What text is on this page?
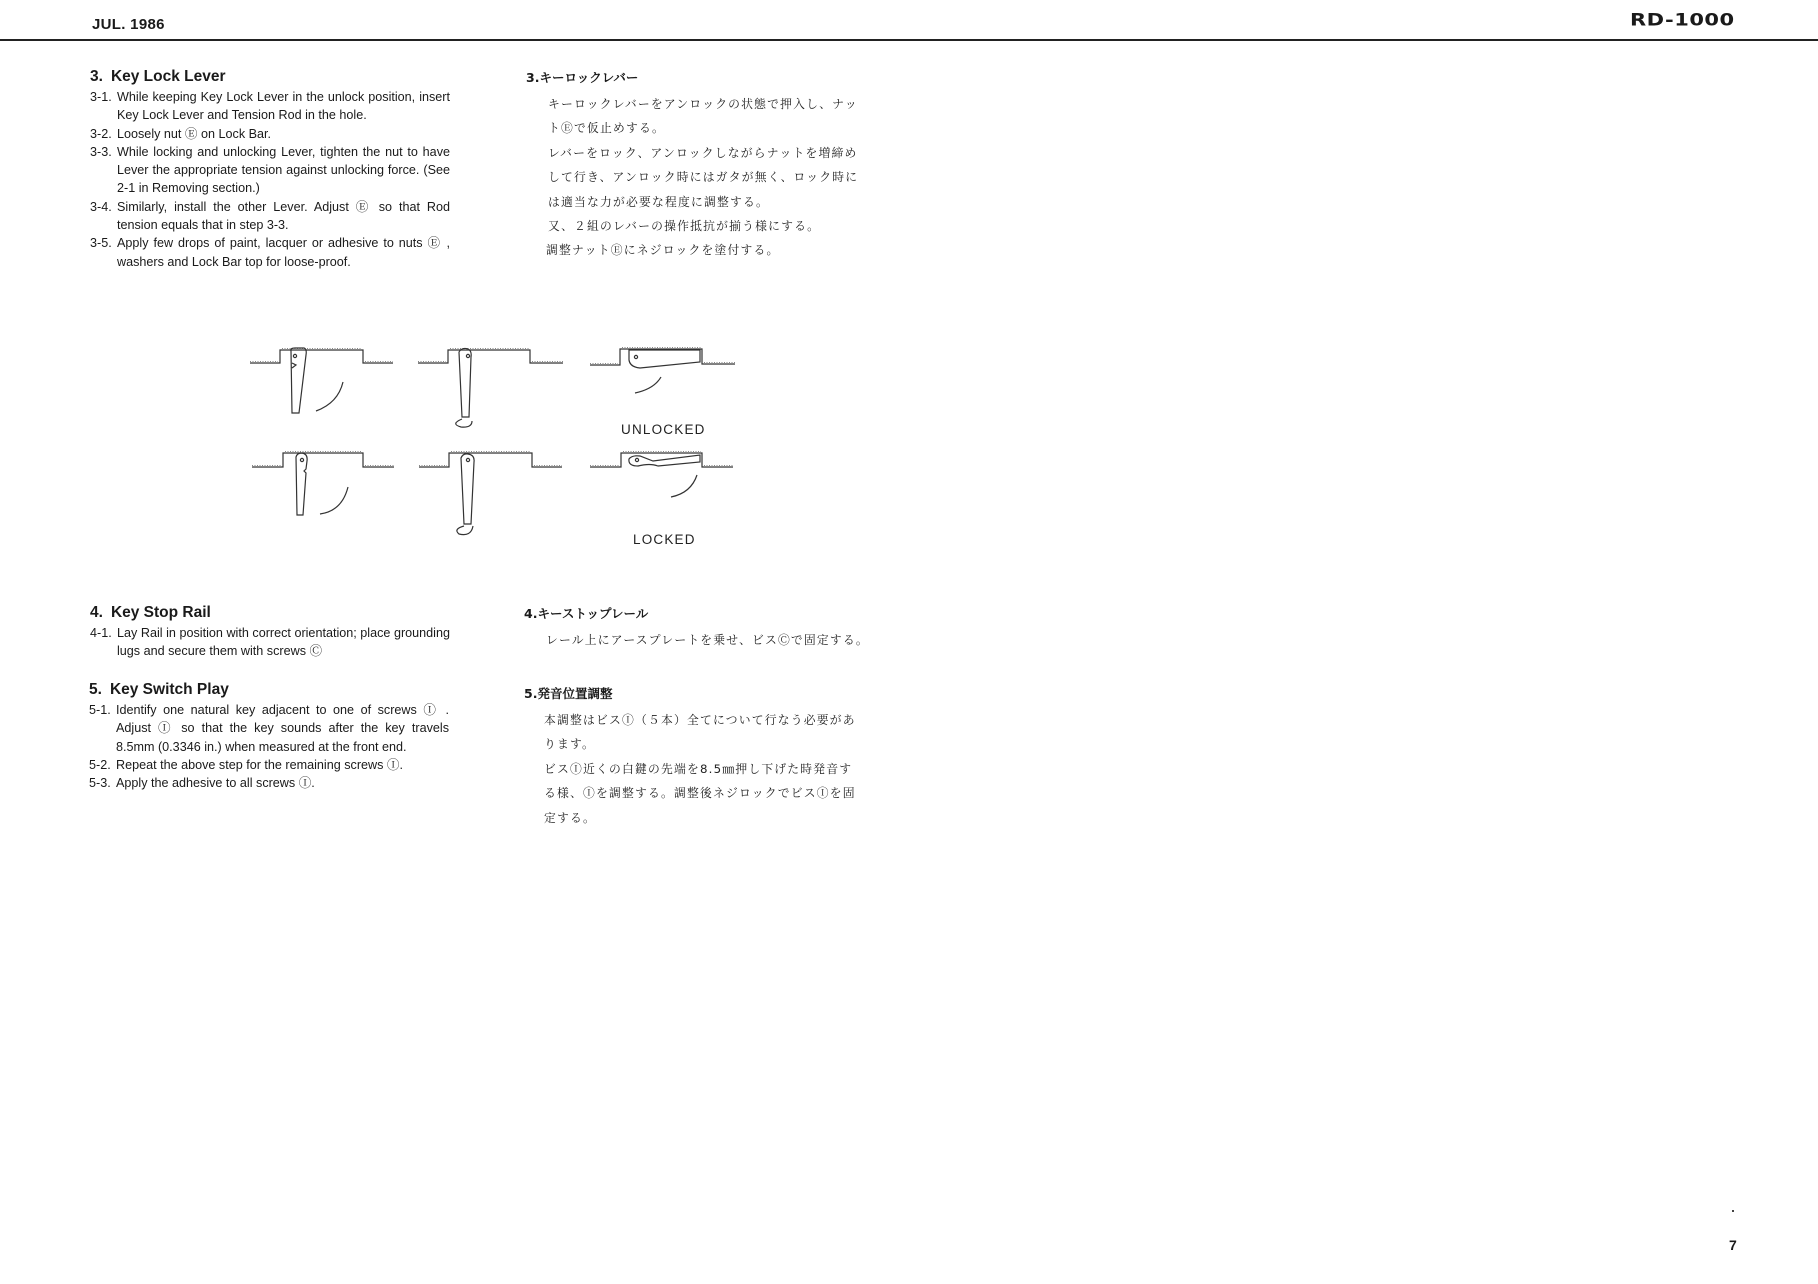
JUL. 1986	RD-1000
3. Key Lock Lever
3-1. While keeping Key Lock Lever in the unlock position, insert Key Lock Lever and Tension Rod in the hole.
3-2. Loosely nut Ⓔ on Lock Bar.
3-3. While locking and unlocking Lever, tighten the nut to have Lever the appropriate tension against unlocking force. (See 2-1 in Removing section.)
3-4. Similarly, install the other Lever. Adjust Ⓔ so that Rod tension equals that in step 3-3.
3-5. Apply few drops of paint, lacquer or adhesive to nuts Ⓔ , washers and Lock Bar top for loose-proof.
4. Key Stop Rail
4-1. Lay Rail in position with correct orientation; place grounding lugs and secure them with screws Ⓒ
5. Key Switch Play
5-1. Identify one natural key adjacent to one of screws Ⓘ . Adjust Ⓘ so that the key sounds after the key travels 8.5mm (0.3346 in.) when measured at the front end.
5-2. Repeat the above step for the remaining screws Ⓘ.
5-3. Apply the adhesive to all screws Ⓘ.
3.キーロックレバー
キーロックレバーをアンロックの状態で押入し、ナッ
トⒺで仮止めする。
レバーをロック、アンロックしながらナットを増締め
して行き、アンロック時にはガタが無く、ロック時に
は適当な力が必要な程度に調整する。
又、２組のレバーの操作抵抗が揃う様にする。
調整ナットⒺにネジロックを塗付する。
4.キーストップレール
レール上にアースプレートを乗せ、ビスⒸで固定する。
5.発音位置調整
本調整はビスⒾ（５本）全てについて行なう必要があ
ります。
ビスⒾ近くの白鍵の先端を8.5㎜押し下げた時発音す
る様、Ⓘを調整する。調整後ネジロックでビスⒾを固
定する。
UNLOCKED
LOCKED
7
